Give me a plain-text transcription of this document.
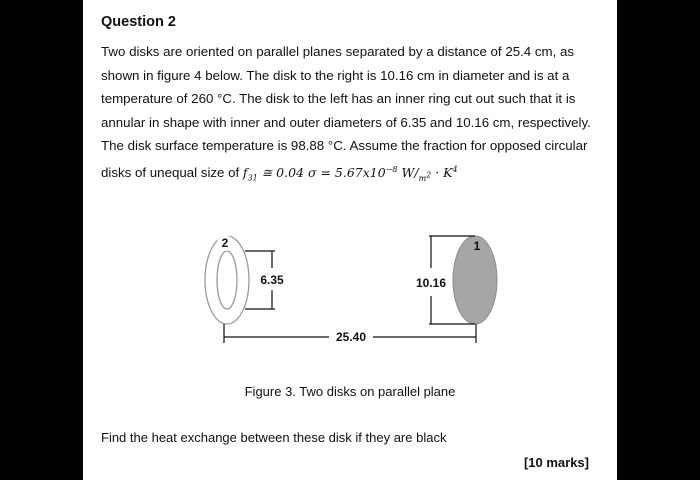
Question 2
Two disks are oriented on parallel planes separated by a distance of 25.4 cm, as
shown in figure 4 below. The disk to the right is 10.16 cm in diameter and is at a
temperature of 260 °C. The disk to the left has an inner ring cut out such that it is
annular in shape with inner and outer diameters of 6.35 and 10.16 cm, respectively.
The disk surface temperature is 98.88 °C. Assume the fraction for opposed circular
disks of unequal size of $f_{31}$ ≅ 0.04 $\sigma = 5.67x10^{-8}$ $W/_{m^2} \cdot K^4$
2
6.35
1
10.16
25.40
Figure 3. Two disks on parallel plane
Find the heat exchange between these disk if they are black
[10 marks]
